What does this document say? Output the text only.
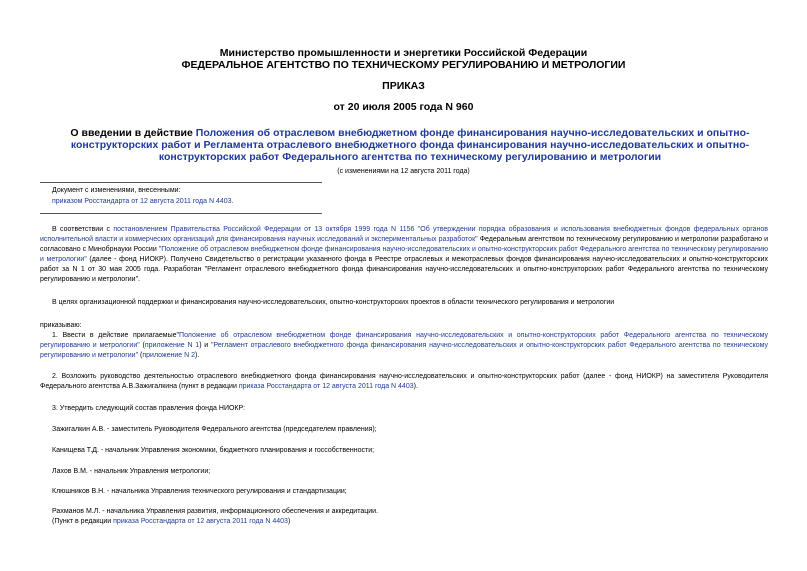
Министерство промышленности и энергетики Российской Федерации
ФЕДЕРАЛЬНОЕ АГЕНТСТВО ПО ТЕХНИЧЕСКОМУ РЕГУЛИРОВАНИЮ И МЕТРОЛОГИИ
ПРИКАЗ
от 20 июля 2005 года N 960
О введении в действие Положения об отраслевом внебюджетном фонде финансирования научно-исследовательских и опытно-конструкторских работ и Регламента отраслевого внебюджетного фонда финансирования научно-исследовательских и опытно-конструкторских работ Федерального агентства по техническому регулированию и метрологии
(с изменениями на 12 августа 2011 года)
Документ с изменениями, внесенными:
приказом Росстандарта от 12 августа 2011 года N 4403.
В соответствии с постановлением Правительства Российской Федерации от 13 октября 1999 года N 1156 "Об утверждении порядка образования и использования внебюджетных фондов федеральных органов исполнительной власти и коммерческих организаций для финансирования научных исследований и экспериментальных разработок" Федеральным агентством по техническому регулированию и метрологии разработано и согласовано с Минобрнауки России "Положение об отраслевом внебюджетном фонде финансирования научно-исследовательских и опытно-конструкторских работ Федерального агентства по техническому регулированию и метрологии" (далее - фонд НИОКР). Получено Свидетельство о регистрации указанного фонда в Реестре отраслевых и межотраслевых фондов финансирования научно-исследовательских и опытно-конструкторских работ за N 1 от 30 мая 2005 года. Разработан "Регламент отраслевого внебюджетного фонда финансирования научно-исследовательских и опытно-конструкторских работ Федерального агентства по техническому регулированию и метрологии".
В целях организационной поддержки и финансирования научно-исследовательских, опытно-конструкторских проектов в области технического регулирования и метрологии
приказываю:
1. Ввести в действие прилагаемые"Положение об отраслевом внебюджетном фонде финансирования научно-исследовательских и опытно-конструкторских работ Федерального агентства по техническому регулированию и метрологии" (приложение N 1) и "Регламент отраслевого внебюджетного фонда финансирования научно-исследовательских и опытно-конструкторских работ Федерального агентства по техническому регулированию и метрологии" (приложение N 2).
2. Возложить руководство деятельностью отраслевого внебюджетного фонда финансирования научно-исследовательских и опытно-конструкторских работ (далее - фонд НИОКР) на заместителя Руководителя Федерального агентства А.В.Зажигалкина (пункт в редакции приказа Росстандарта от 12 августа 2011 года N 4403).
3. Утвердить следующий состав правления фонда НИОКР:
Зажигалкин А.В. - заместитель Руководителя Федерального агентства (председателем правления);
Канищева Т.Д. - начальник Управления экономики, бюджетного планирования и госсобственности;
Лахов В.М. - начальник Управления метрологии;
Клюшников В.Н. - начальника Управления технического регулирования и стандартизации;
Рахманов М.Л. - начальника Управления развития, информационного обеспечения и аккредитации.
(Пункт в редакции приказа Росстандарта от 12 августа 2011 года N 4403)
